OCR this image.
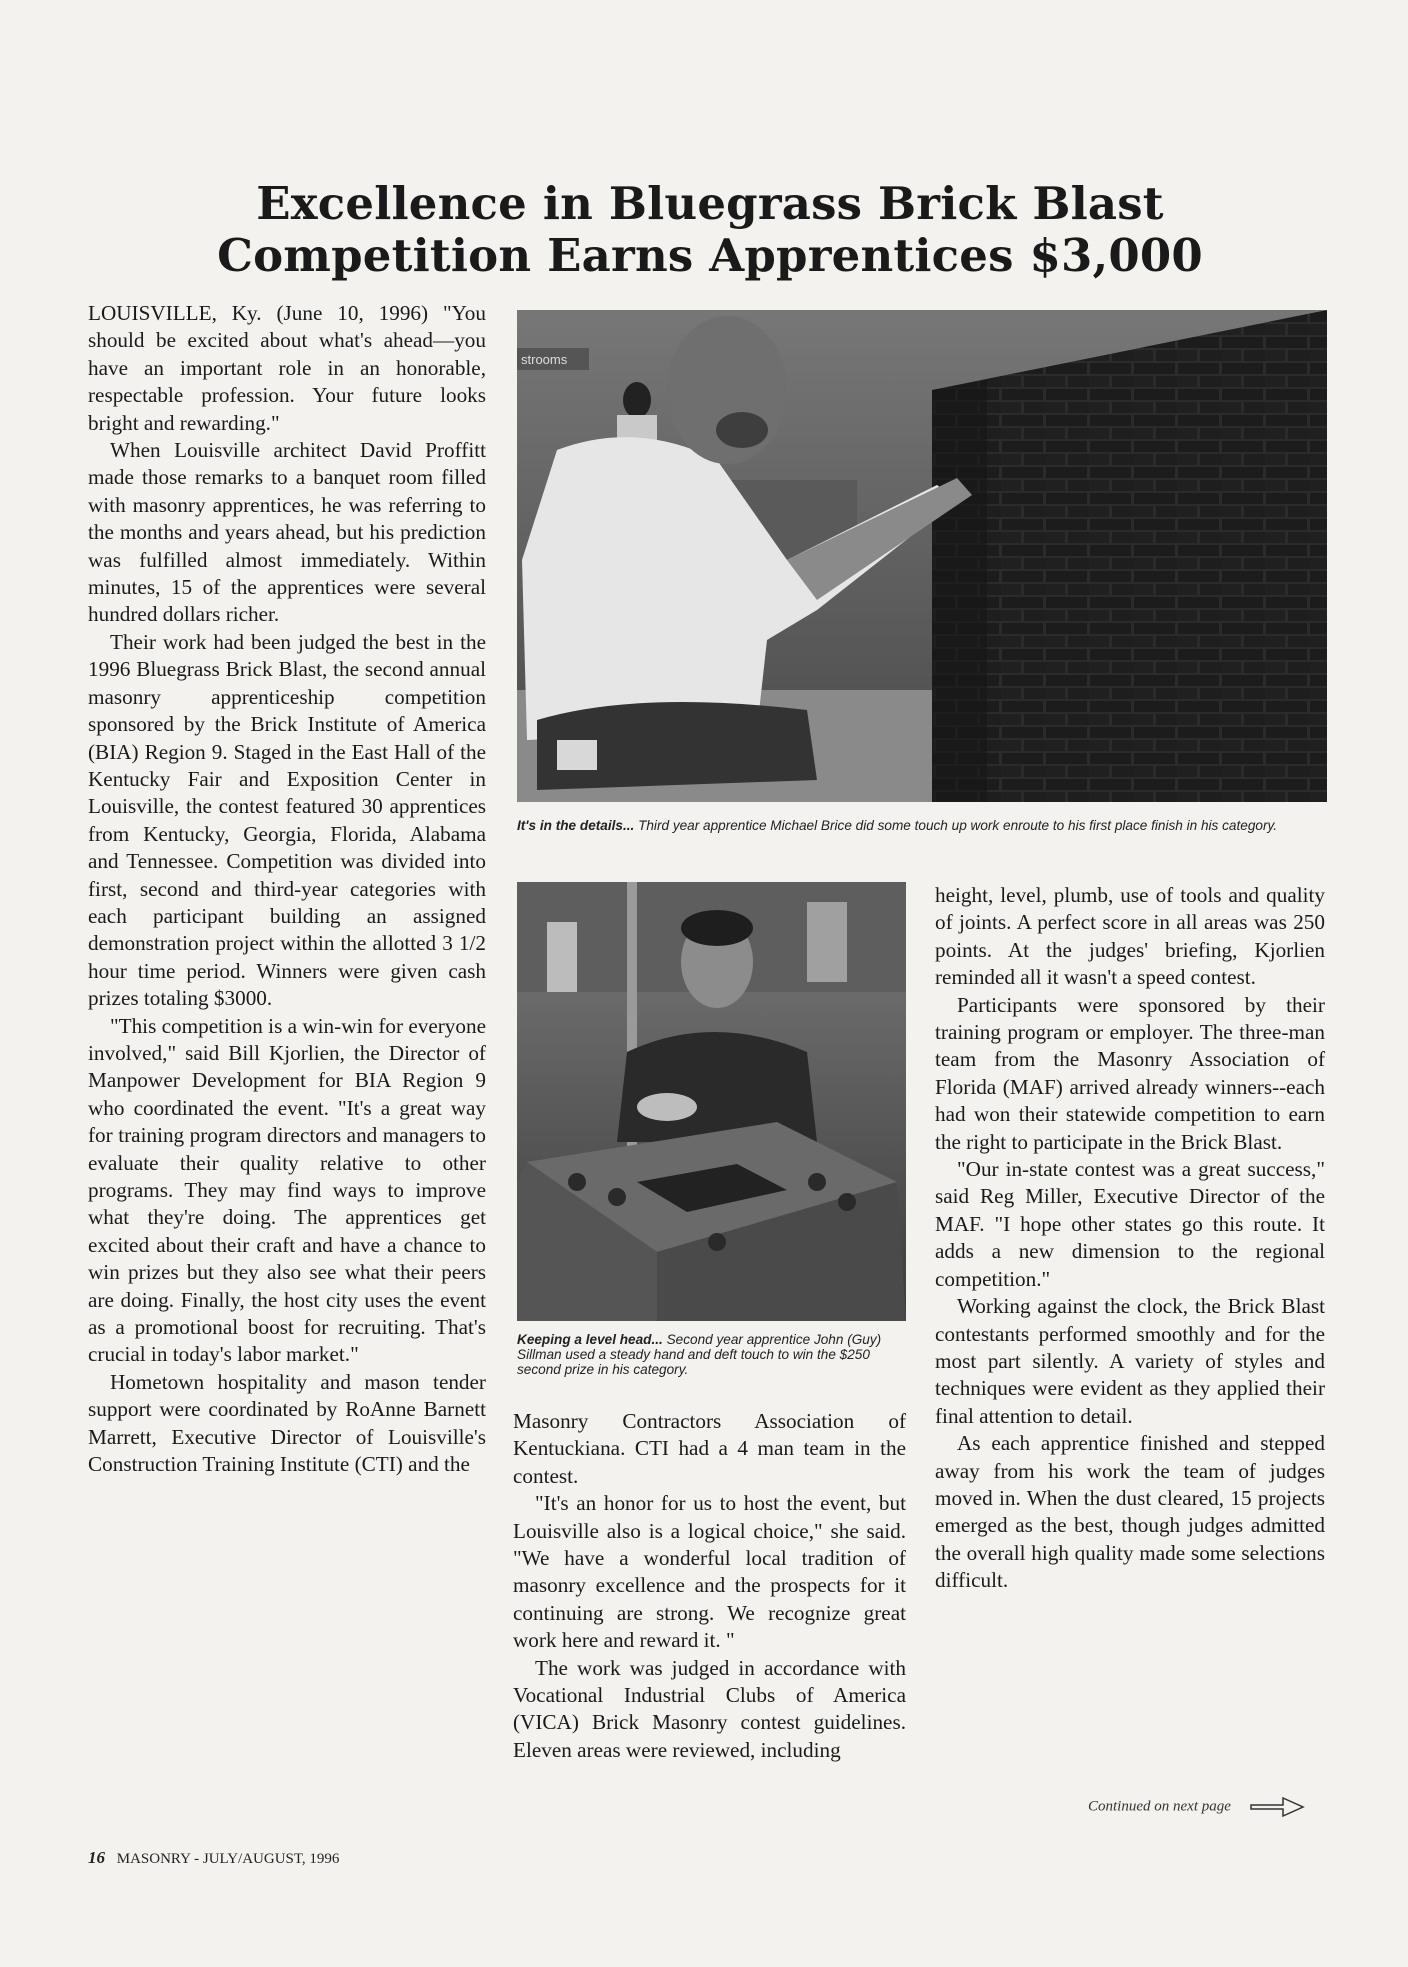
Excellence in Bluegrass Brick Blast
Competition Earns Apprentices $3,000

LOUISVILLE, Ky. (June 10, 1996) "You should be excited about what's ahead—you have an important role in an honorable, respectable profession. Your future looks bright and rewarding."

When Louisville architect David Proffitt made those remarks to a banquet room filled with masonry apprentices, he was referring to the months and years ahead, but his prediction was fulfilled almost immediately. Within minutes, 15 of the apprentices were several hundred dollars richer.

Their work had been judged the best in the 1996 Bluegrass Brick Blast, the second annual masonry apprenticeship competition sponsored by the Brick Institute of America (BIA) Region 9. Staged in the East Hall of the Kentucky Fair and Exposition Center in Louisville, the contest featured 30 apprentices from Kentucky, Georgia, Florida, Alabama and Tennessee. Competition was divided into first, second and third-year categories with each participant building an assigned demonstration project within the allotted 3 1/2 hour time period. Winners were given cash prizes totaling $3000.

"This competition is a win-win for everyone involved," said Bill Kjorlien, the Director of Manpower Development for BIA Region 9 who coordinated the event. "It's a great way for training program directors and managers to evaluate their quality relative to other programs. They may find ways to improve what they're doing. The apprentices get excited about their craft and have a chance to win prizes but they also see what their peers are doing. Finally, the host city uses the event as a promotional boost for recruiting. That's crucial in today's labor market."

Hometown hospitality and mason tender support were coordinated by RoAnne Barnett Marrett, Executive Director of Louisville's Construction Training Institute (CTI) and the

strooms
It's in the details... Third year apprentice Michael Brice did some touch up work enroute to his first place finish in his category.
Keeping a level head... Second year apprentice John (Guy) Sillman used a steady hand and deft touch to win the $250 second prize in his category.

Masonry Contractors Association of Kentuckiana. CTI had a 4 man team in the contest.

"It's an honor for us to host the event, but Louisville also is a logical choice," she said. "We have a wonderful local tradition of masonry excellence and the prospects for it continuing are strong. We recognize great work here and reward it. "

The work was judged in accordance with Vocational Industrial Clubs of America (VICA) Brick Masonry contest guidelines. Eleven areas were reviewed, including

height, level, plumb, use of tools and quality of joints. A perfect score in all areas was 250 points. At the judges' briefing, Kjorlien reminded all it wasn't a speed contest.

Participants were sponsored by their training program or employer. The three-man team from the Masonry Association of Florida (MAF) arrived already winners--each had won their statewide competition to earn the right to participate in the Brick Blast.

"Our in-state contest was a great success," said Reg Miller, Executive Director of the MAF. "I hope other states go this route. It adds a new dimension to the regional competition."

Working against the clock, the Brick Blast contestants performed smoothly and for the most part silently. A variety of styles and techniques were evident as they applied their final attention to detail.

As each apprentice finished and stepped away from his work the team of judges moved in. When the dust cleared, 15 projects emerged as the best, though judges admitted the overall high quality made some selections difficult.

Continued on next page
16 MASONRY - JULY/AUGUST, 1996
